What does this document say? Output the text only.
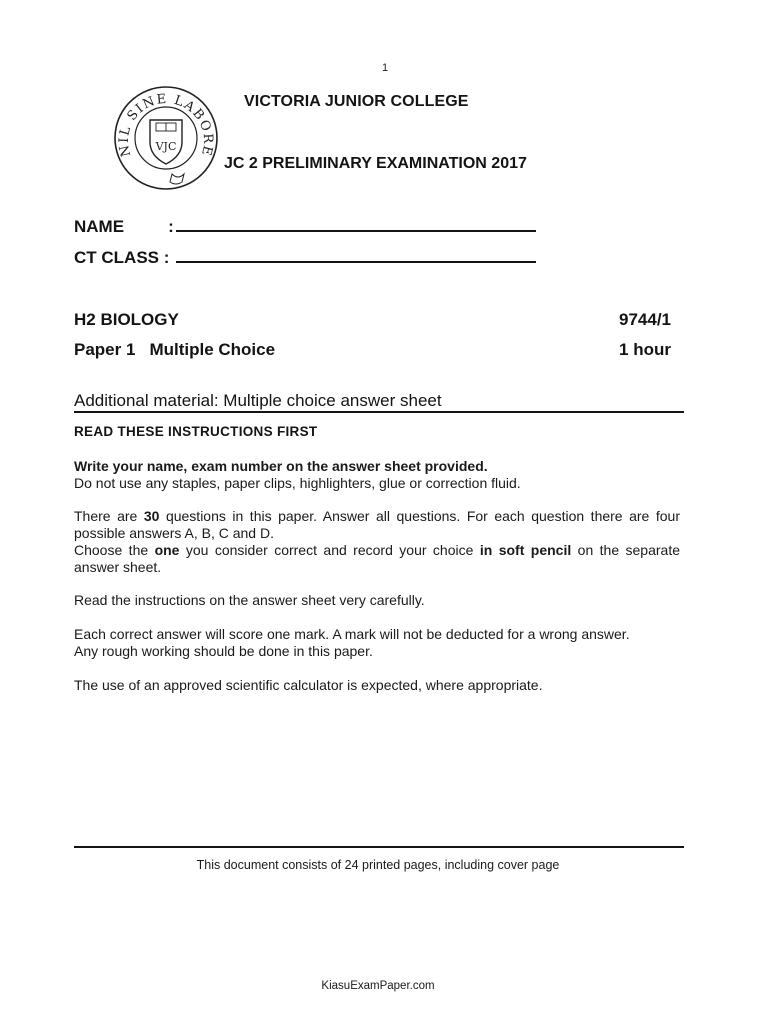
1
NIL SINE LABORE
VJC
VICTORIA JUNIOR COLLEGE
JC 2 PRELIMINARY EXAMINATION 2017
NAME	:
CT CLASS :
H2 BIOLOGY	9744/1
Paper 1 Multiple Choice	1 hour
Additional material: Multiple choice answer sheet
READ THESE INSTRUCTIONS FIRST
Write your name, exam number on the answer sheet provided.
Do not use any staples, paper clips, highlighters, glue or correction fluid.
There are 30 questions in this paper. Answer all questions. For each question there are four possible answers A, B, C and D.
Choose the one you consider correct and record your choice in soft pencil on the separate answer sheet.
Read the instructions on the answer sheet very carefully.
Each correct answer will score one mark. A mark will not be deducted for a wrong answer.
Any rough working should be done in this paper.
The use of an approved scientific calculator is expected, where appropriate.
This document consists of 24 printed pages, including cover page
KiasuExamPaper.com
